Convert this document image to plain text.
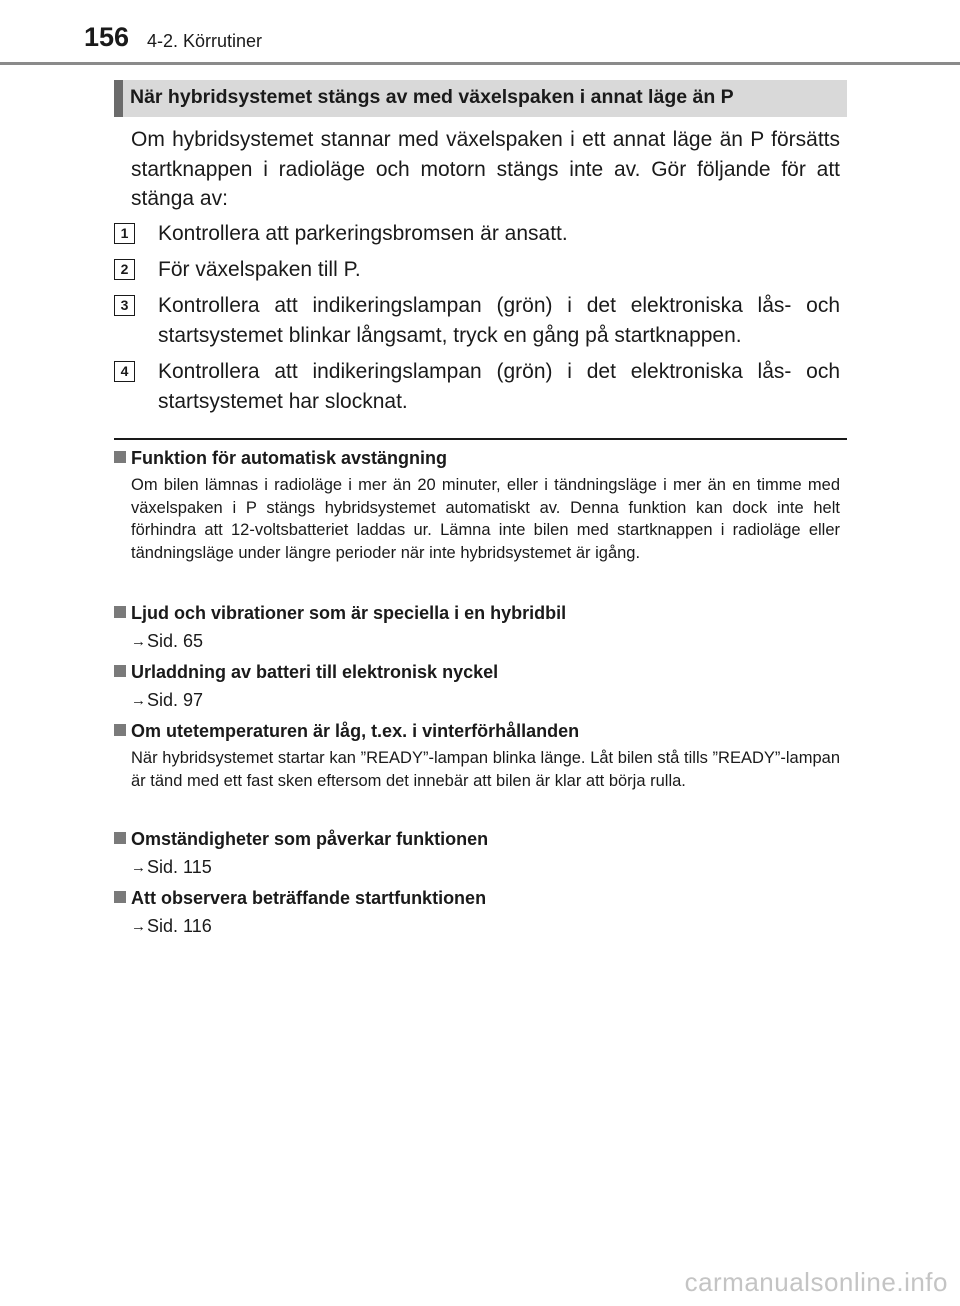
156 4-2. Körrutiner
När hybridsystemet stängs av med växelspaken i annat läge än P
Om hybridsystemet stannar med växelspaken i ett annat läge än P försätts startknappen i radioläge och motorn stängs inte av. Gör följande för att stänga av:
1	Kontrollera att parkeringsbromsen är ansatt.
2	För växelspaken till P.
3	Kontrollera att indikeringslampan (grön) i det elektroniska lås- och startsystemet blinkar långsamt, tryck en gång på startknappen.
4	Kontrollera att indikeringslampan (grön) i det elektroniska lås- och startsystemet har slocknat.
Funktion för automatisk avstängning
Om bilen lämnas i radioläge i mer än 20 minuter, eller i tändningsläge i mer än en timme med växelspaken i P stängs hybridsystemet automatiskt av. Denna funktion kan dock inte helt förhindra att 12-voltsbatteriet laddas ur. Lämna inte bilen med startknappen i radioläge eller tändningsläge under längre perioder när inte hybridsystemet är igång.
Ljud och vibrationer som är speciella i en hybridbil
→Sid. 65
Urladdning av batteri till elektronisk nyckel
→Sid. 97
Om utetemperaturen är låg, t.ex. i vinterförhållanden
När hybridsystemet startar kan ”READY”-lampan blinka länge. Låt bilen stå tills ”READY”-lampan är tänd med ett fast sken eftersom det innebär att bilen är klar att börja rulla.
Omständigheter som påverkar funktionen
→Sid. 115
Att observera beträffande startfunktionen
→Sid. 116
carmanualsonline.info
